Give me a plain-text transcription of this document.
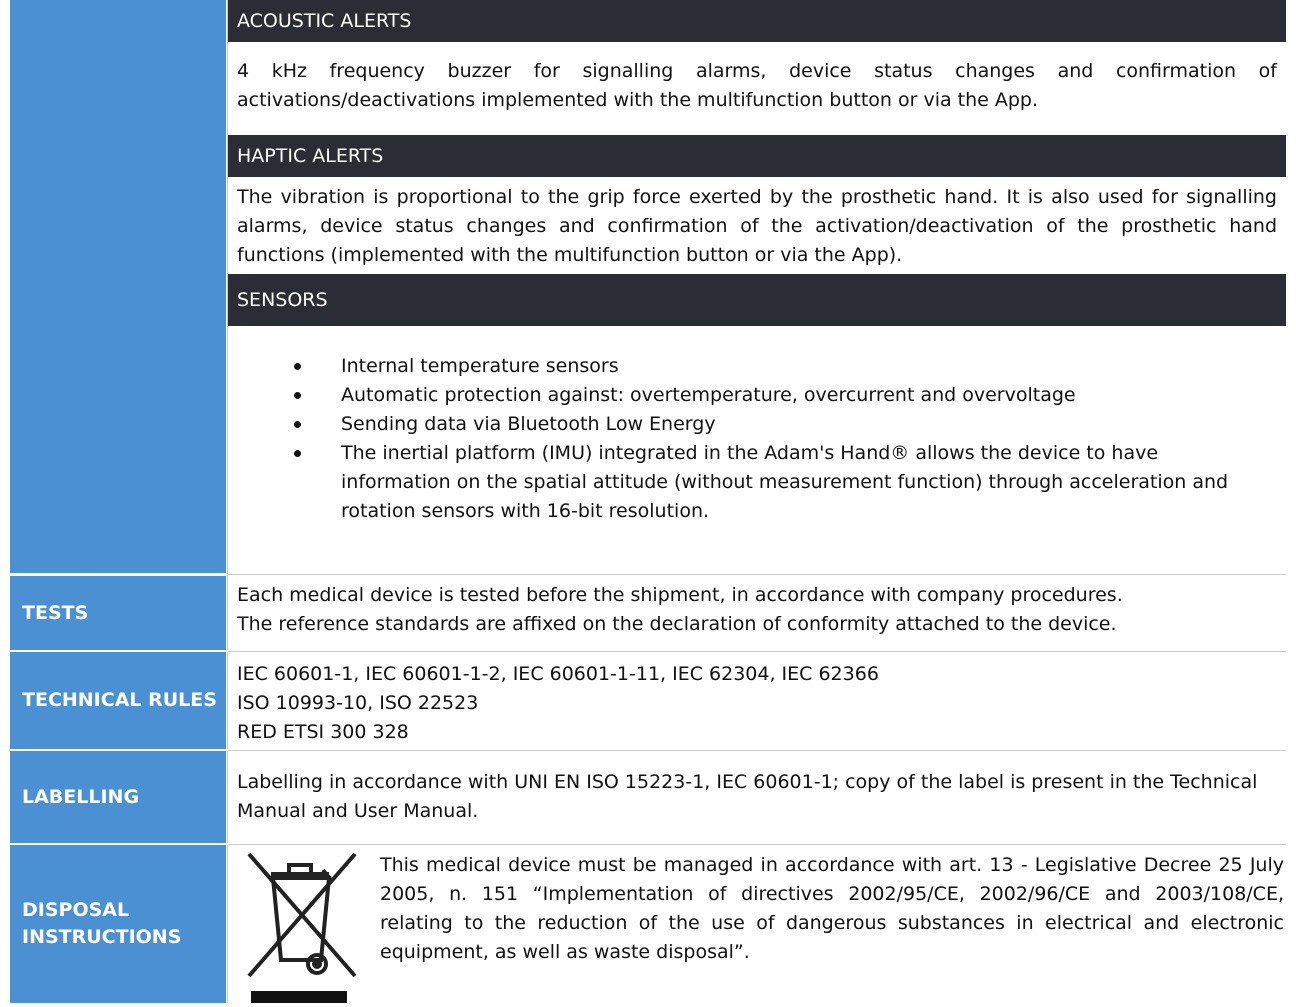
ACOUSTIC ALERTS
4 kHz frequency buzzer for signalling alarms, device status changes and confirmation of activations/deactivations implemented with the multifunction button or via the App.
HAPTIC ALERTS
The vibration is proportional to the grip force exerted by the prosthetic hand. It is also used for signalling alarms, device status changes and confirmation of the activation/deactivation of the prosthetic hand functions (implemented with the multifunction button or via the App).
SENSORS
Internal temperature sensors
Automatic protection against: overtemperature, overcurrent and overvoltage
Sending data via Bluetooth Low Energy
The inertial platform (IMU) integrated in the Adam's Hand® allows the device to have information on the spatial attitude (without measurement function) through acceleration and rotation sensors with 16-bit resolution.
TESTS
Each medical device is tested before the shipment, in accordance with company procedures.
The reference standards are affixed on the declaration of conformity attached to the device.
TECHNICAL RULES
IEC 60601-1, IEC 60601-1-2, IEC 60601-1-11, IEC 62304, IEC 62366
ISO 10993-10, ISO 22523
RED ETSI 300 328
LABELLING
Labelling in accordance with UNI EN ISO 15223-1, IEC 60601-1; copy of the label is present in the Technical Manual and User Manual.
DISPOSAL INSTRUCTIONS
This medical device must be managed in accordance with art. 13 - Legislative Decree 25 July 2005, n. 151 “Implementation of directives 2002/95/CE, 2002/96/CE and 2003/108/CE, relating to the reduction of the use of dangerous substances in electrical and electronic equipment, as well as waste disposal”.
